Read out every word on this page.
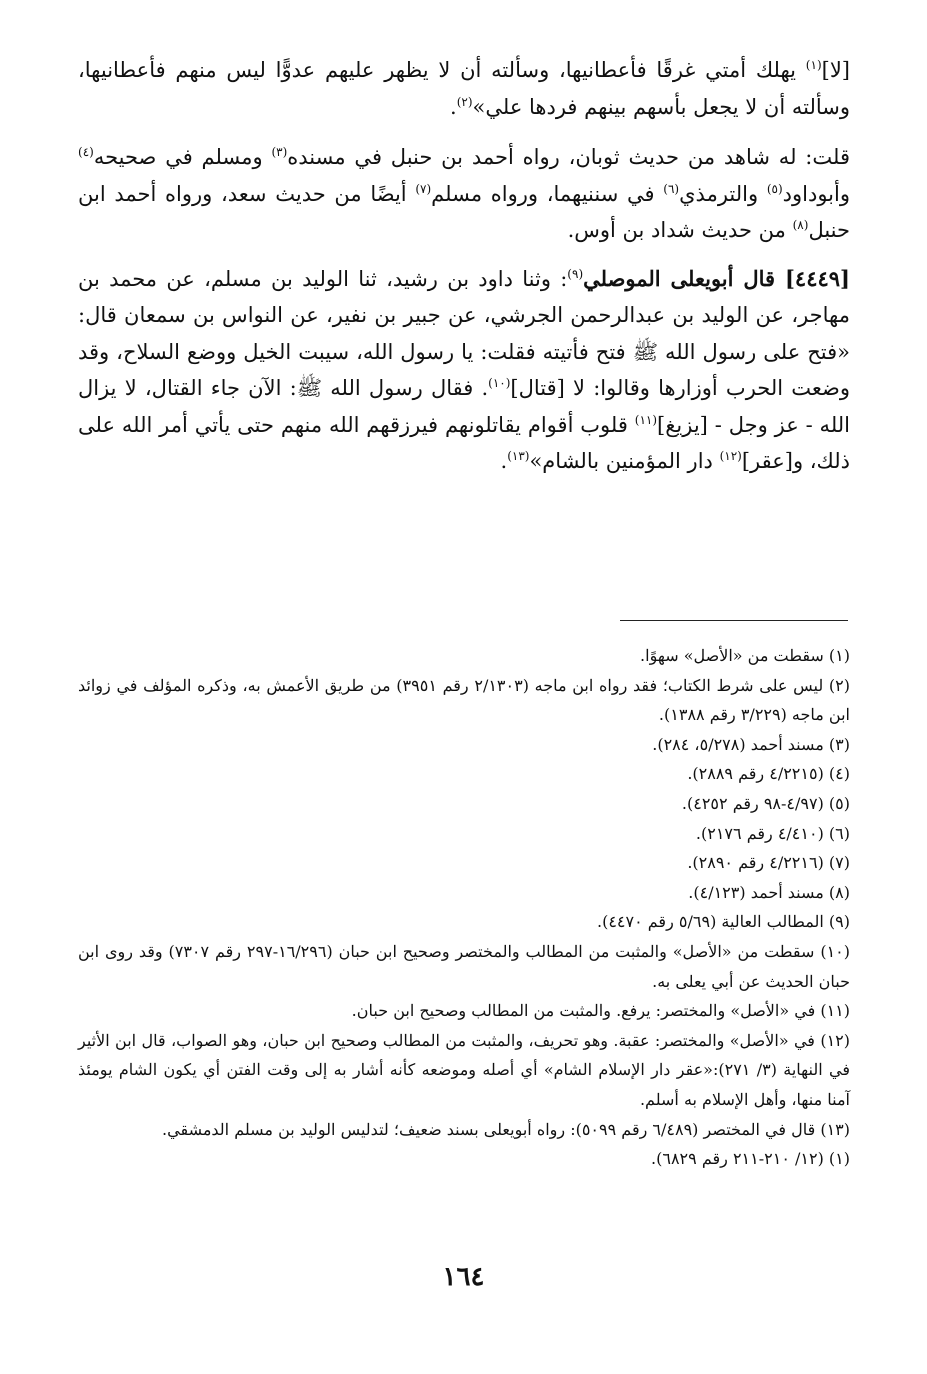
[لا]$^{(١)}$ يهلك أمتي غرقًا فأعطانيها، وسألته أن لا يظهر عليهم عدوًّا ليس منهم فأعطانيها، وسألته أن لا يجعل بأسهم بينهم فردها علي»$^{(٢)}$.

قلت: له شاهد من حديث ثوبان، رواه أحمد بن حنبل في مسنده$^{(٣)}$ ومسلم في صحيحه$^{(٤)}$ وأبوداود$^{(٥)}$ والترمذي$^{(٦)}$ في سننيهما، ورواه مسلم$^{(٧)}$ أيضًا من حديث سعد، ورواه أحمد ابن حنبل$^{(٨)}$ من حديث شداد بن أوس.

[٤٤٤٩] قال أبويعلى الموصلي$^{(٩)}$: وثنا داود بن رشيد، ثنا الوليد بن مسلم، عن محمد بن مهاجر، عن الوليد بن عبدالرحمن الجرشي، عن جبير بن نفير، عن النواس بن سمعان قال: «فتح على رسول الله ﷺ فتح فأتيته فقلت: يا رسول الله، سيبت الخيل ووضع السلاح، وقد وضعت الحرب أوزارها وقالوا: لا [قتال]$^{(١٠)}$. فقال رسول الله ﷺ: الآن جاء القتال، لا يزال الله - عز وجل - [يزيغ]$^{(١١)}$ قلوب أقوام يقاتلونهم فيرزقهم الله منهم حتى يأتي أمر الله على ذلك، و[عقر]$^{(١٢)}$ دار المؤمنين بالشام»$^{(١٣)}$.

(١) سقطت من «الأصل» سهوًا.

(٢) ليس على شرط الكتاب؛ فقد رواه ابن ماجه (٢/١٣٠٣ رقم ٣٩٥١) من طريق الأعمش به، وذكره المؤلف في زوائد ابن ماجه (٣/٢٢٩ رقم ١٣٨٨).

(٣) مسند أحمد (٥/٢٧٨، ٢٨٤).

(٤) (٤/٢٢١٥ رقم ٢٨٨٩).

(٥) (٤/٩٧-٩٨ رقم ٤٢٥٢).

(٦) (٤/٤١٠ رقم ٢١٧٦).

(٧) (٤/٢٢١٦ رقم ٢٨٩٠).

(٨) مسند أحمد (٤/١٢٣).

(٩) المطالب العالية (٥/٦٩ رقم ٤٤٧٠).

(١٠) سقطت من «الأصل» والمثبت من المطالب والمختصر وصحيح ابن حبان (١٦/٢٩٦-٢٩٧ رقم ٧٣٠٧) وقد روى ابن حبان الحديث عن أبي يعلى به.

(١١) في «الأصل» والمختصر: يرفع. والمثبت من المطالب وصحيح ابن حبان.

(١٢) في «الأصل» والمختصر: عقبة. وهو تحريف، والمثبت من المطالب وصحيح ابن حبان، وهو الصواب، قال ابن الأثير في النهاية (٣/ ٢٧١):«عقر دار الإسلام الشام» أي أصله وموضعه كأنه أشار به إلى وقت الفتن أي يكون الشام يومئذ آمنا منها، وأهل الإسلام به أسلم.

(١٣) قال في المختصر (٦/٤٨٩ رقم ٥٠٩٩): رواه أبويعلى بسند ضعيف؛ لتدليس الوليد بن مسلم الدمشقي.

(١) (١٢/ ٢١٠-٢١١ رقم ٦٨٢٩).

١٦٤
